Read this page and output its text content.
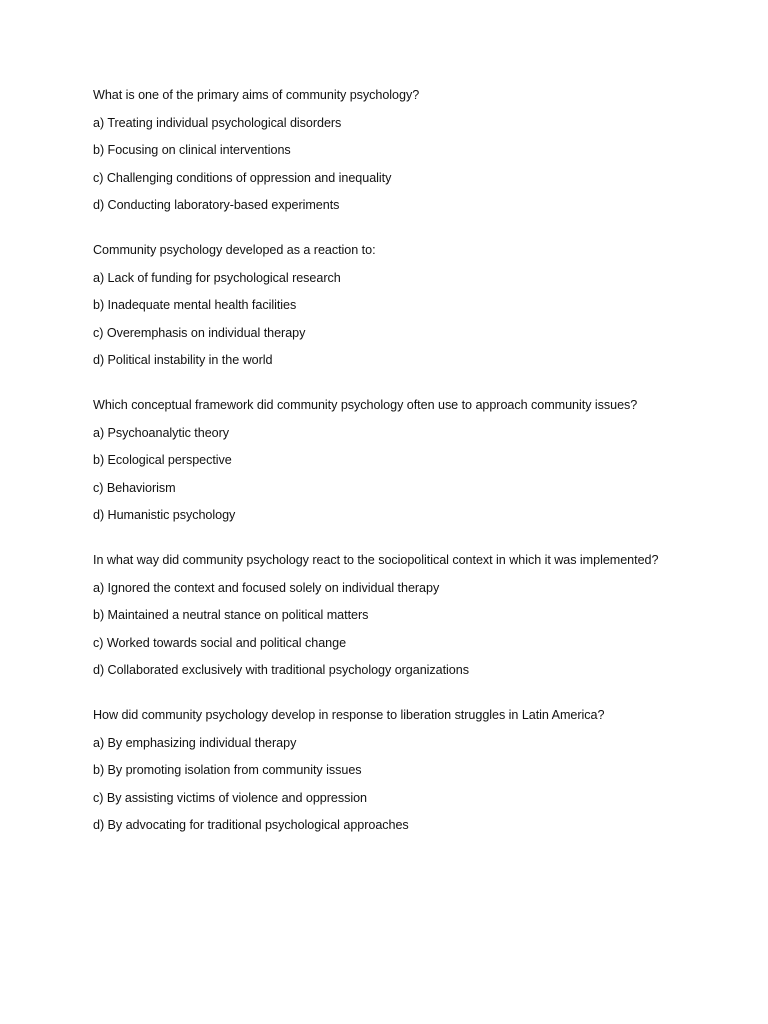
What is one of the primary aims of community psychology?
a) Treating individual psychological disorders
b) Focusing on clinical interventions
c) Challenging conditions of oppression and inequality
d) Conducting laboratory-based experiments
Community psychology developed as a reaction to:
a) Lack of funding for psychological research
b) Inadequate mental health facilities
c) Overemphasis on individual therapy
d) Political instability in the world
Which conceptual framework did community psychology often use to approach community issues?
a) Psychoanalytic theory
b) Ecological perspective
c) Behaviorism
d) Humanistic psychology
In what way did community psychology react to the sociopolitical context in which it was implemented?
a) Ignored the context and focused solely on individual therapy
b) Maintained a neutral stance on political matters
c) Worked towards social and political change
d) Collaborated exclusively with traditional psychology organizations
How did community psychology develop in response to liberation struggles in Latin America?
a) By emphasizing individual therapy
b) By promoting isolation from community issues
c) By assisting victims of violence and oppression
d) By advocating for traditional psychological approaches
